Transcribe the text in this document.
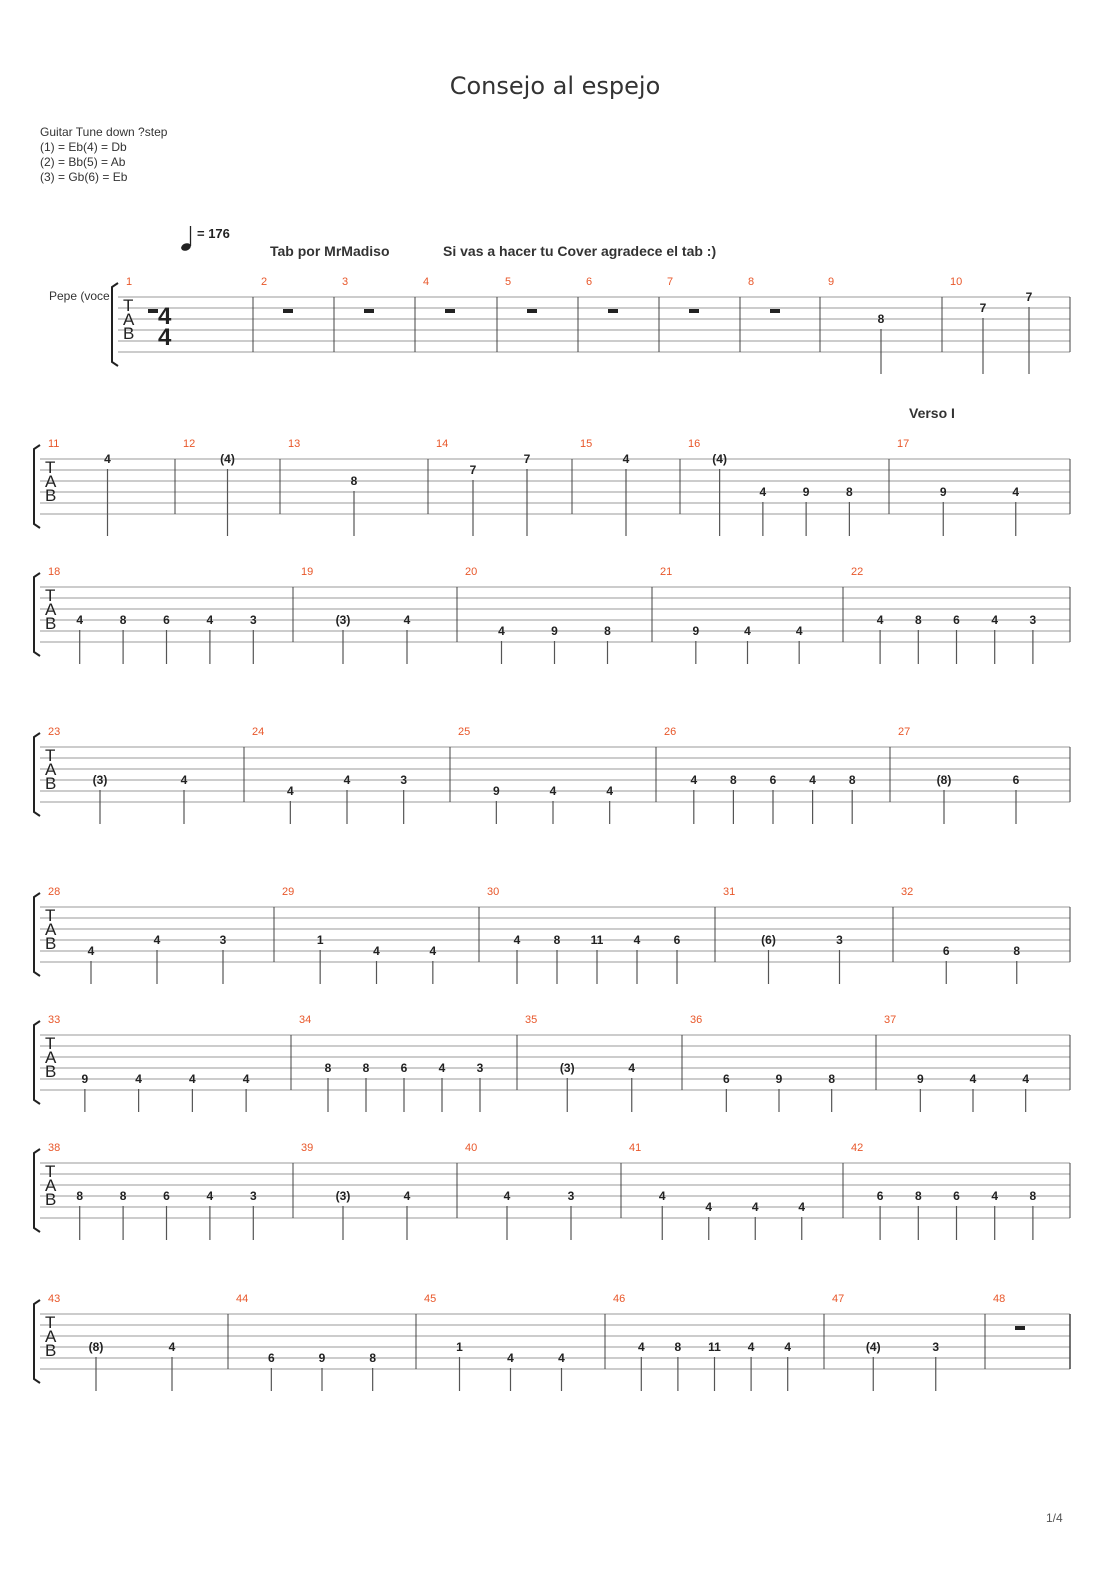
Consejo al espejo
Guitar Tune down ?step
(1) = Eb(4) = Db
(2) = Bb(5) = Ab
(3) = Gb(6) = Eb
= 176
Tab por MrMadiso	Si vas a hacer tu Cover agradece el tab :)
Pepe (voce
Verso I
T
A
B
4
4
1	2	3	4	5	6	7	8	9
8
10
7
7
T
A
B
11
4
12
(4)
13
8
14
7
7
15
4
16
(4)
4	9	8
17
9	4
T
A
B
18
4	8	6	4	3
19
(3)	4
20
4	9	8
21
9	4	4
22
4	8	6	4	3
T
A
B
23
(3)	4
24
4
4	3
25
9	4	4
26
4	8	6	4	8
27
(8)	6
T
A
B
28
4
4	3
29
1
4	4
30
4	8	11	4	6
31
(6)	3
32
6	8
T
A
B
33
9	4	4	4
34
8	8	6	4	3
35
(3)	4
36
6	9	8
37
9	4	4
T
A
B
38
8	8	6	4	3
39
(3)	4
40
4	3
41
4
4	4	4
42
6	8	6	4	8
T
A
B
43
(8)	4
44
6	9	8
45
1
4	4
46
4 8 11 4 4
47
(4)	3
48
1/4
